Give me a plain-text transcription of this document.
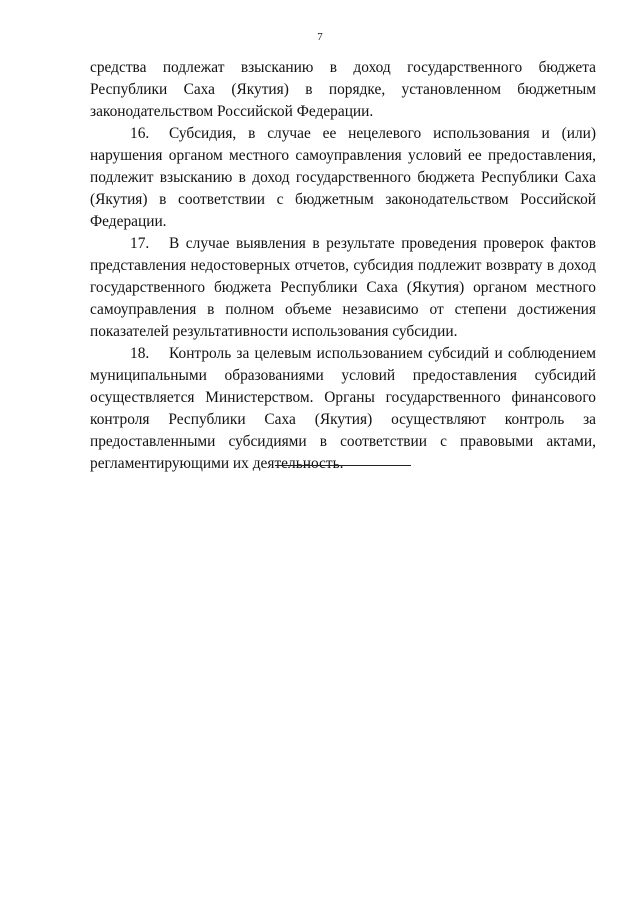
7

средства подлежат взысканию в доход государственного бюджета Республики Саха (Якутия) в порядке, установленном бюджетным законодательством Российской Федерации.

16. Субсидия, в случае ее нецелевого использования и (или) нарушения органом местного самоуправления условий ее предоставления, подлежит взысканию в доход государственного бюджета Республики Саха (Якутия) в соответствии с бюджетным законодательством Российской Федерации.

17. В случае выявления в результате проведения проверок фактов представления недостоверных отчетов, субсидия подлежит возврату в доход государственного бюджета Республики Саха (Якутия) органом местного самоуправления в полном объеме независимо от степени достижения показателей результативности использования субсидии.

18. Контроль за целевым использованием субсидий и соблюдением муниципальными образованиями условий предоставления субсидий осуществляется Министерством. Органы государственного финансового контроля Республики Саха (Якутия) осуществляют контроль за предоставленными субсидиями в соответствии с правовыми актами, регламентирующими их деятельность.
